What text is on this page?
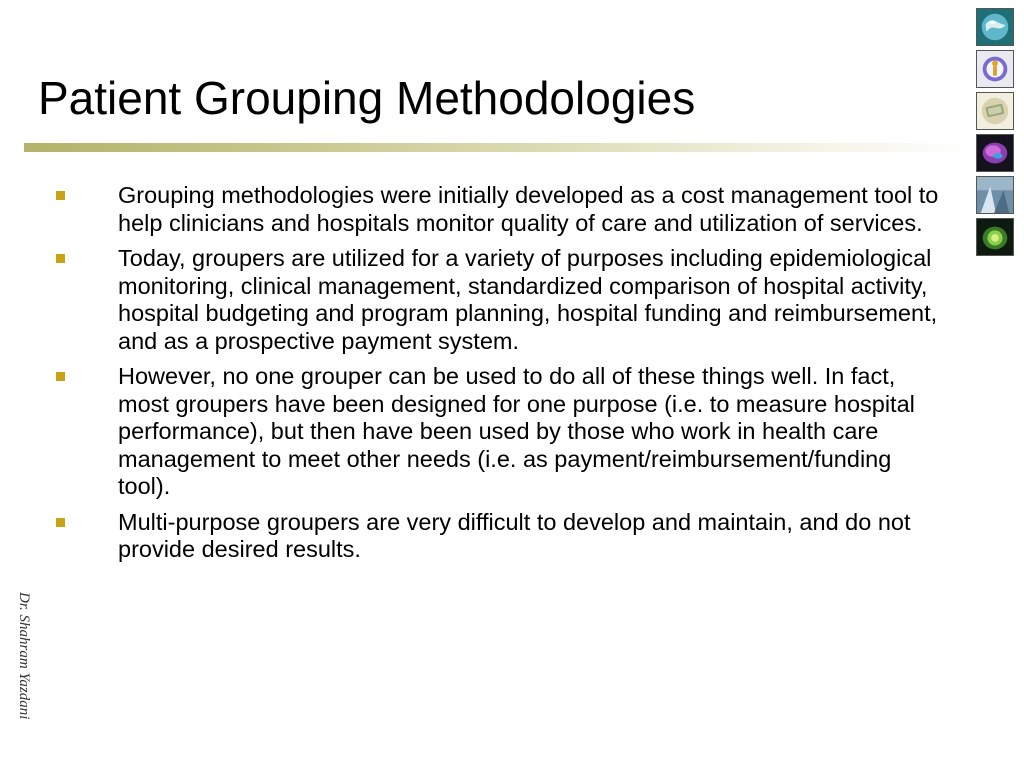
Patient Grouping Methodologies
Grouping methodologies were initially developed as a cost management tool to help clinicians and hospitals monitor quality of care and utilization of services.
Today, groupers are utilized for a variety of purposes including epidemiological monitoring, clinical management, standardized comparison of hospital activity, hospital budgeting and program planning, hospital funding and reimbursement, and as a prospective payment system.
However, no one grouper can be used to do all of these things well. In fact, most groupers have been designed for one purpose (i.e. to measure hospital performance), but then have been used by those who work in health care management to meet other needs (i.e. as payment/reimbursement/funding tool).
Multi-purpose groupers are very difficult to develop and maintain, and do not provide desired results.
Dr. Shahram Yazdani
